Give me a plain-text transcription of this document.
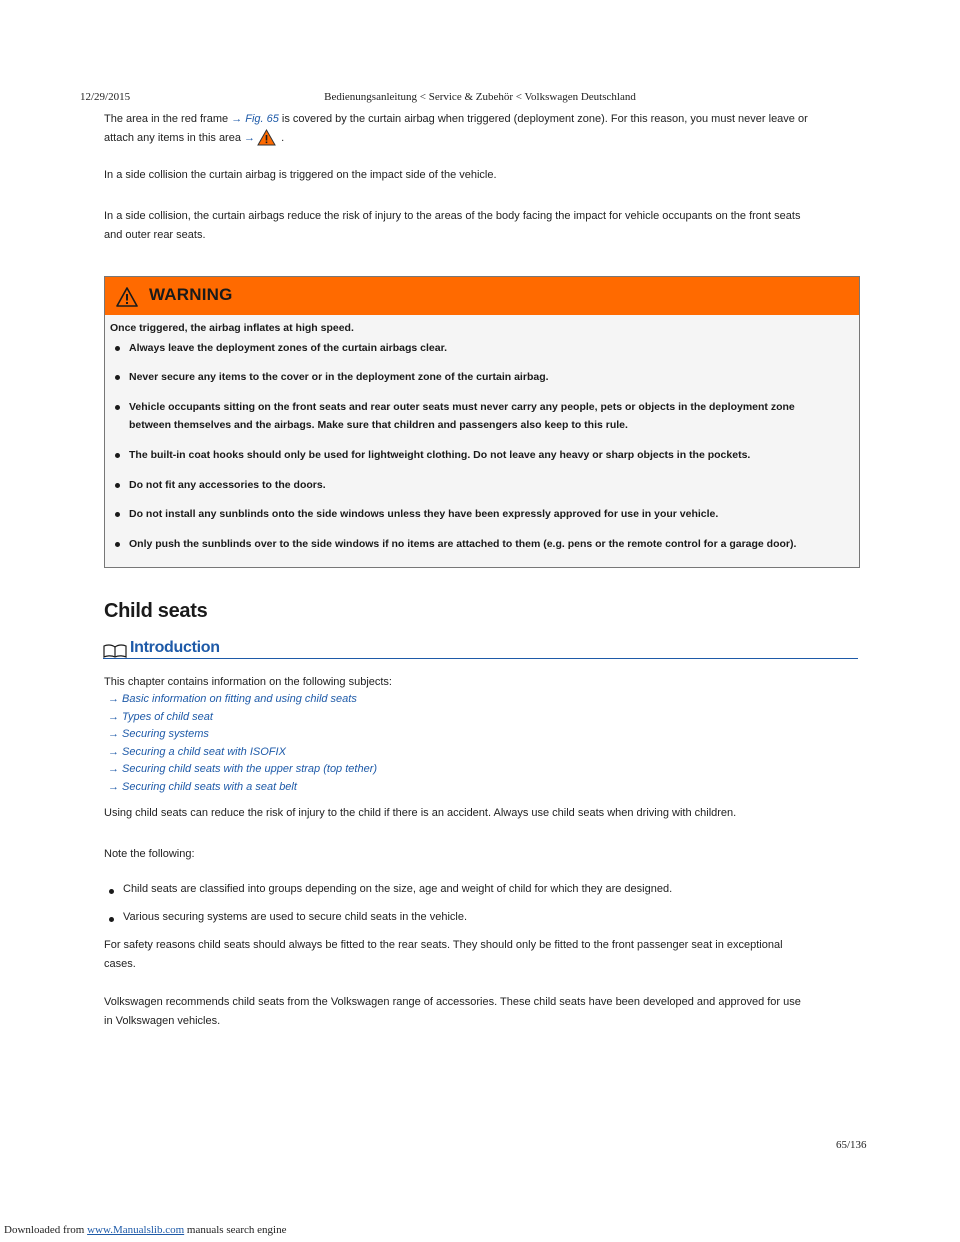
12/29/2015	Bedienungsanleitung < Service & Zubehör < Volkswagen Deutschland
The area in the red frame → Fig. 65 is covered by the curtain airbag when triggered (deployment zone). For this reason, you must never leave or
attach any items in this area → .
In a side collision the curtain airbag is triggered on the impact side of the vehicle.
In a side collision, the curtain airbags reduce the risk of injury to the areas of the body facing the impact for vehicle occupants on the front seats
and outer rear seats.
WARNING
Once triggered, the airbag inflates at high speed.
Always leave the deployment zones of the curtain airbags clear.
Never secure any items to the cover or in the deployment zone of the curtain airbag.
Vehicle occupants sitting on the front seats and rear outer seats must never carry any people, pets or objects in the deployment zone
between themselves and the airbags. Make sure that children and passengers also keep to this rule.
The built-in coat hooks should only be used for lightweight clothing. Do not leave any heavy or sharp objects in the pockets.
Do not fit any accessories to the doors.
Do not install any sunblinds onto the side windows unless they have been expressly approved for use in your vehicle.
Only push the sunblinds over to the side windows if no items are attached to them (e.g. pens or the remote control for a garage door).
Child seats
Introduction
This chapter contains information on the following subjects:
→ Basic information on fitting and using child seats
→ Types of child seat
→ Securing systems
→ Securing a child seat with ISOFIX
→ Securing child seats with the upper strap (top tether)
→ Securing child seats with a seat belt
Using child seats can reduce the risk of injury to the child if there is an accident. Always use child seats when driving with children.
Note the following:
Child seats are classified into groups depending on the size, age and weight of child for which they are designed.
Various securing systems are used to secure child seats in the vehicle.
For safety reasons child seats should always be fitted to the rear seats. They should only be fitted to the front passenger seat in exceptional
cases.
Volkswagen recommends child seats from the Volkswagen range of accessories. These child seats have been developed and approved for use
in Volkswagen vehicles.
65/136
Downloaded from www.Manualslib.com manuals search engine
